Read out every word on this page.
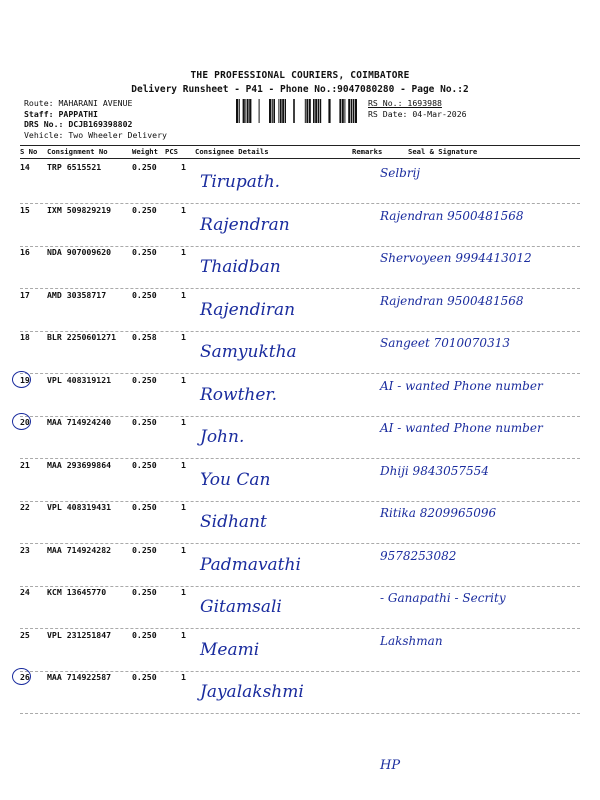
THE PROFESSIONAL COURIERS, COIMBATORE
Delivery Runsheet - P41 - Phone No.:9047080280 - Page No.:2
Route: MAHARANI AVENUE
Staff: PAPPATHI
DRS No.: DCJB169398802
Vehicle: Two Wheeler Delivery
RS No.: 1693988
RS Date: 04-Mar-2026
S No Consignment No	Weight PCS Consignee Details	Remarks	Seal & Signature
14 TRP 6515521	0.250	1
Tirupath.	Selbrij
15 IXM 509829219	0.250	1
Rajendran	Rajendran 9500481568
16 NDA 907009620	0.250	1
Thaidban	Shervoyeen 9994413012
17 AMD 30358717	0.250	1
Rajendiran	Rajendran 9500481568
18 BLR 2250601271 0.258	1
Samyuktha	Sangeet 7010070313
19 VPL 408319121	0.250	1
Rowther.	AI - wanted Phone number
20 MAA 714924240	0.250	1
John.	AI - wanted Phone number
21 MAA 293699864	0.250	1
You Can	Dhiji 9843057554
22 VPL 408319431	0.250	1
Sidhant	Ritika 8209965096
23 MAA 714924282	0.250	1
Padmavathi	9578253082
24 KCM 13645770	0.250	1
Gitamsali	- Ganapathi - Secrity
25 VPL 231251847	0.250	1
Meami	Lakshman
26 MAA 714922587	0.250	1
Jayalakshmi
HP
